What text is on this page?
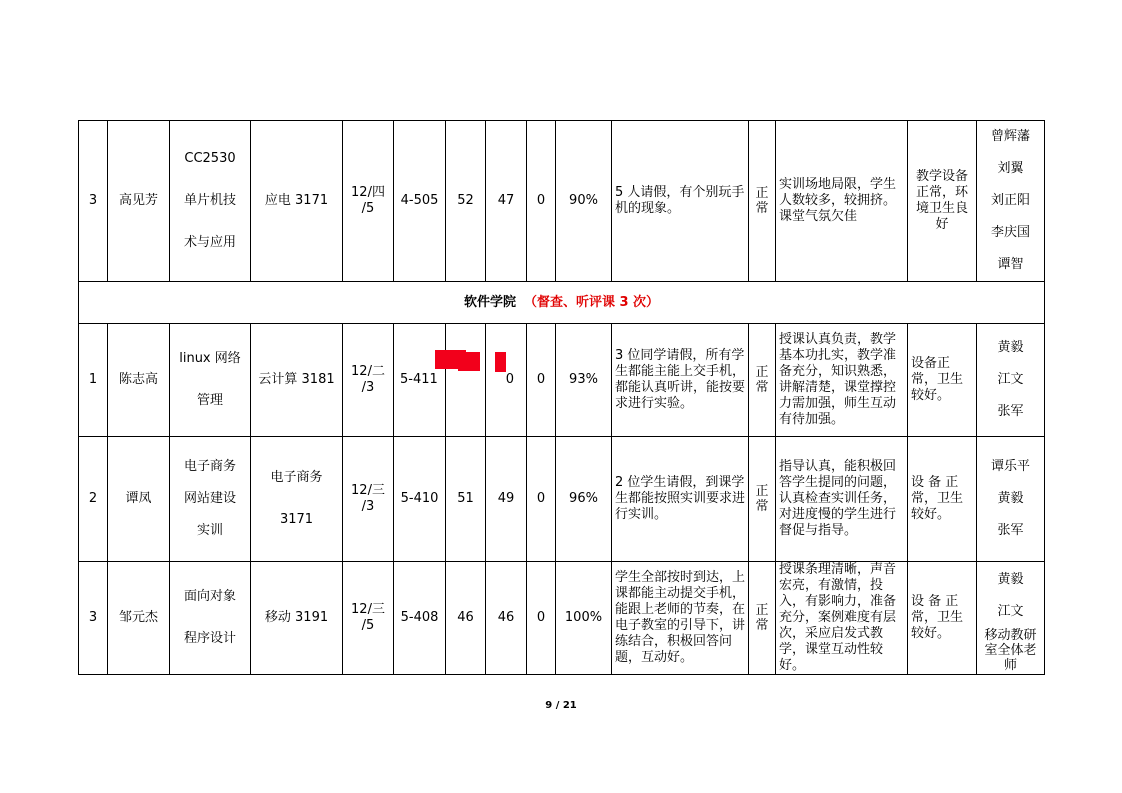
3	高见芳	CC2530
单片机技
术与应用	应电 3171	12/四
/5	4-505	52	47	0	90%	5 人请假，有个别玩手机的现象。	正
常	实训场地局限，学生人数较多，较拥挤。课堂气氛欠佳	教学设备正常，环境卫生良好	曾辉藩
刘翼
刘正阳
李庆国
谭智

软件学院 （督查、听评课 3 次）														
1	陈志高	linux 网络
管理	云计算 3181	12/二
/3	5-411		0	0	93%	3 位同学请假，所有学生都能主能上交手机，都能认真听讲，能按要求进行实验。	正
常	授课认真负责，教学基本功扎实，教学准备充分，知识熟悉，讲解清楚，课堂撑控力需加强，师生互动有待加强。	设备正常，卫生较好。	黄毅
江文
张军

2	谭凤	电子商务
网站建设
实训	电子商务
3171	12/三
/3	5-410	51	49	0	96%	2 位学生请假，到课学生都能按照实训要求进行实训。	正
常	指导认真，能积极回答学生提同的问题，认真检查实训任务，对进度慢的学生进行督促与指导。	设 备 正常，卫生较好。	谭乐平
黄毅
张军

3	邹元杰	面向对象
程序设计	移动 3191	12/三
/5	5-408	46	46	0	100%	学生全部按时到达，上课都能主动提交手机，能跟上老师的节奏，在电子教室的引导下，讲练结合，积极回答问题，互动好。	正
常	授课条理清晰，声音宏亮，有激情，投入，有影响力，准备充分，案例难度有层次，采应启发式教学，课堂互动性较好。	设 备 正常，卫生较好。	黄毅
江文
移动教研室全体老师
9 / 21
